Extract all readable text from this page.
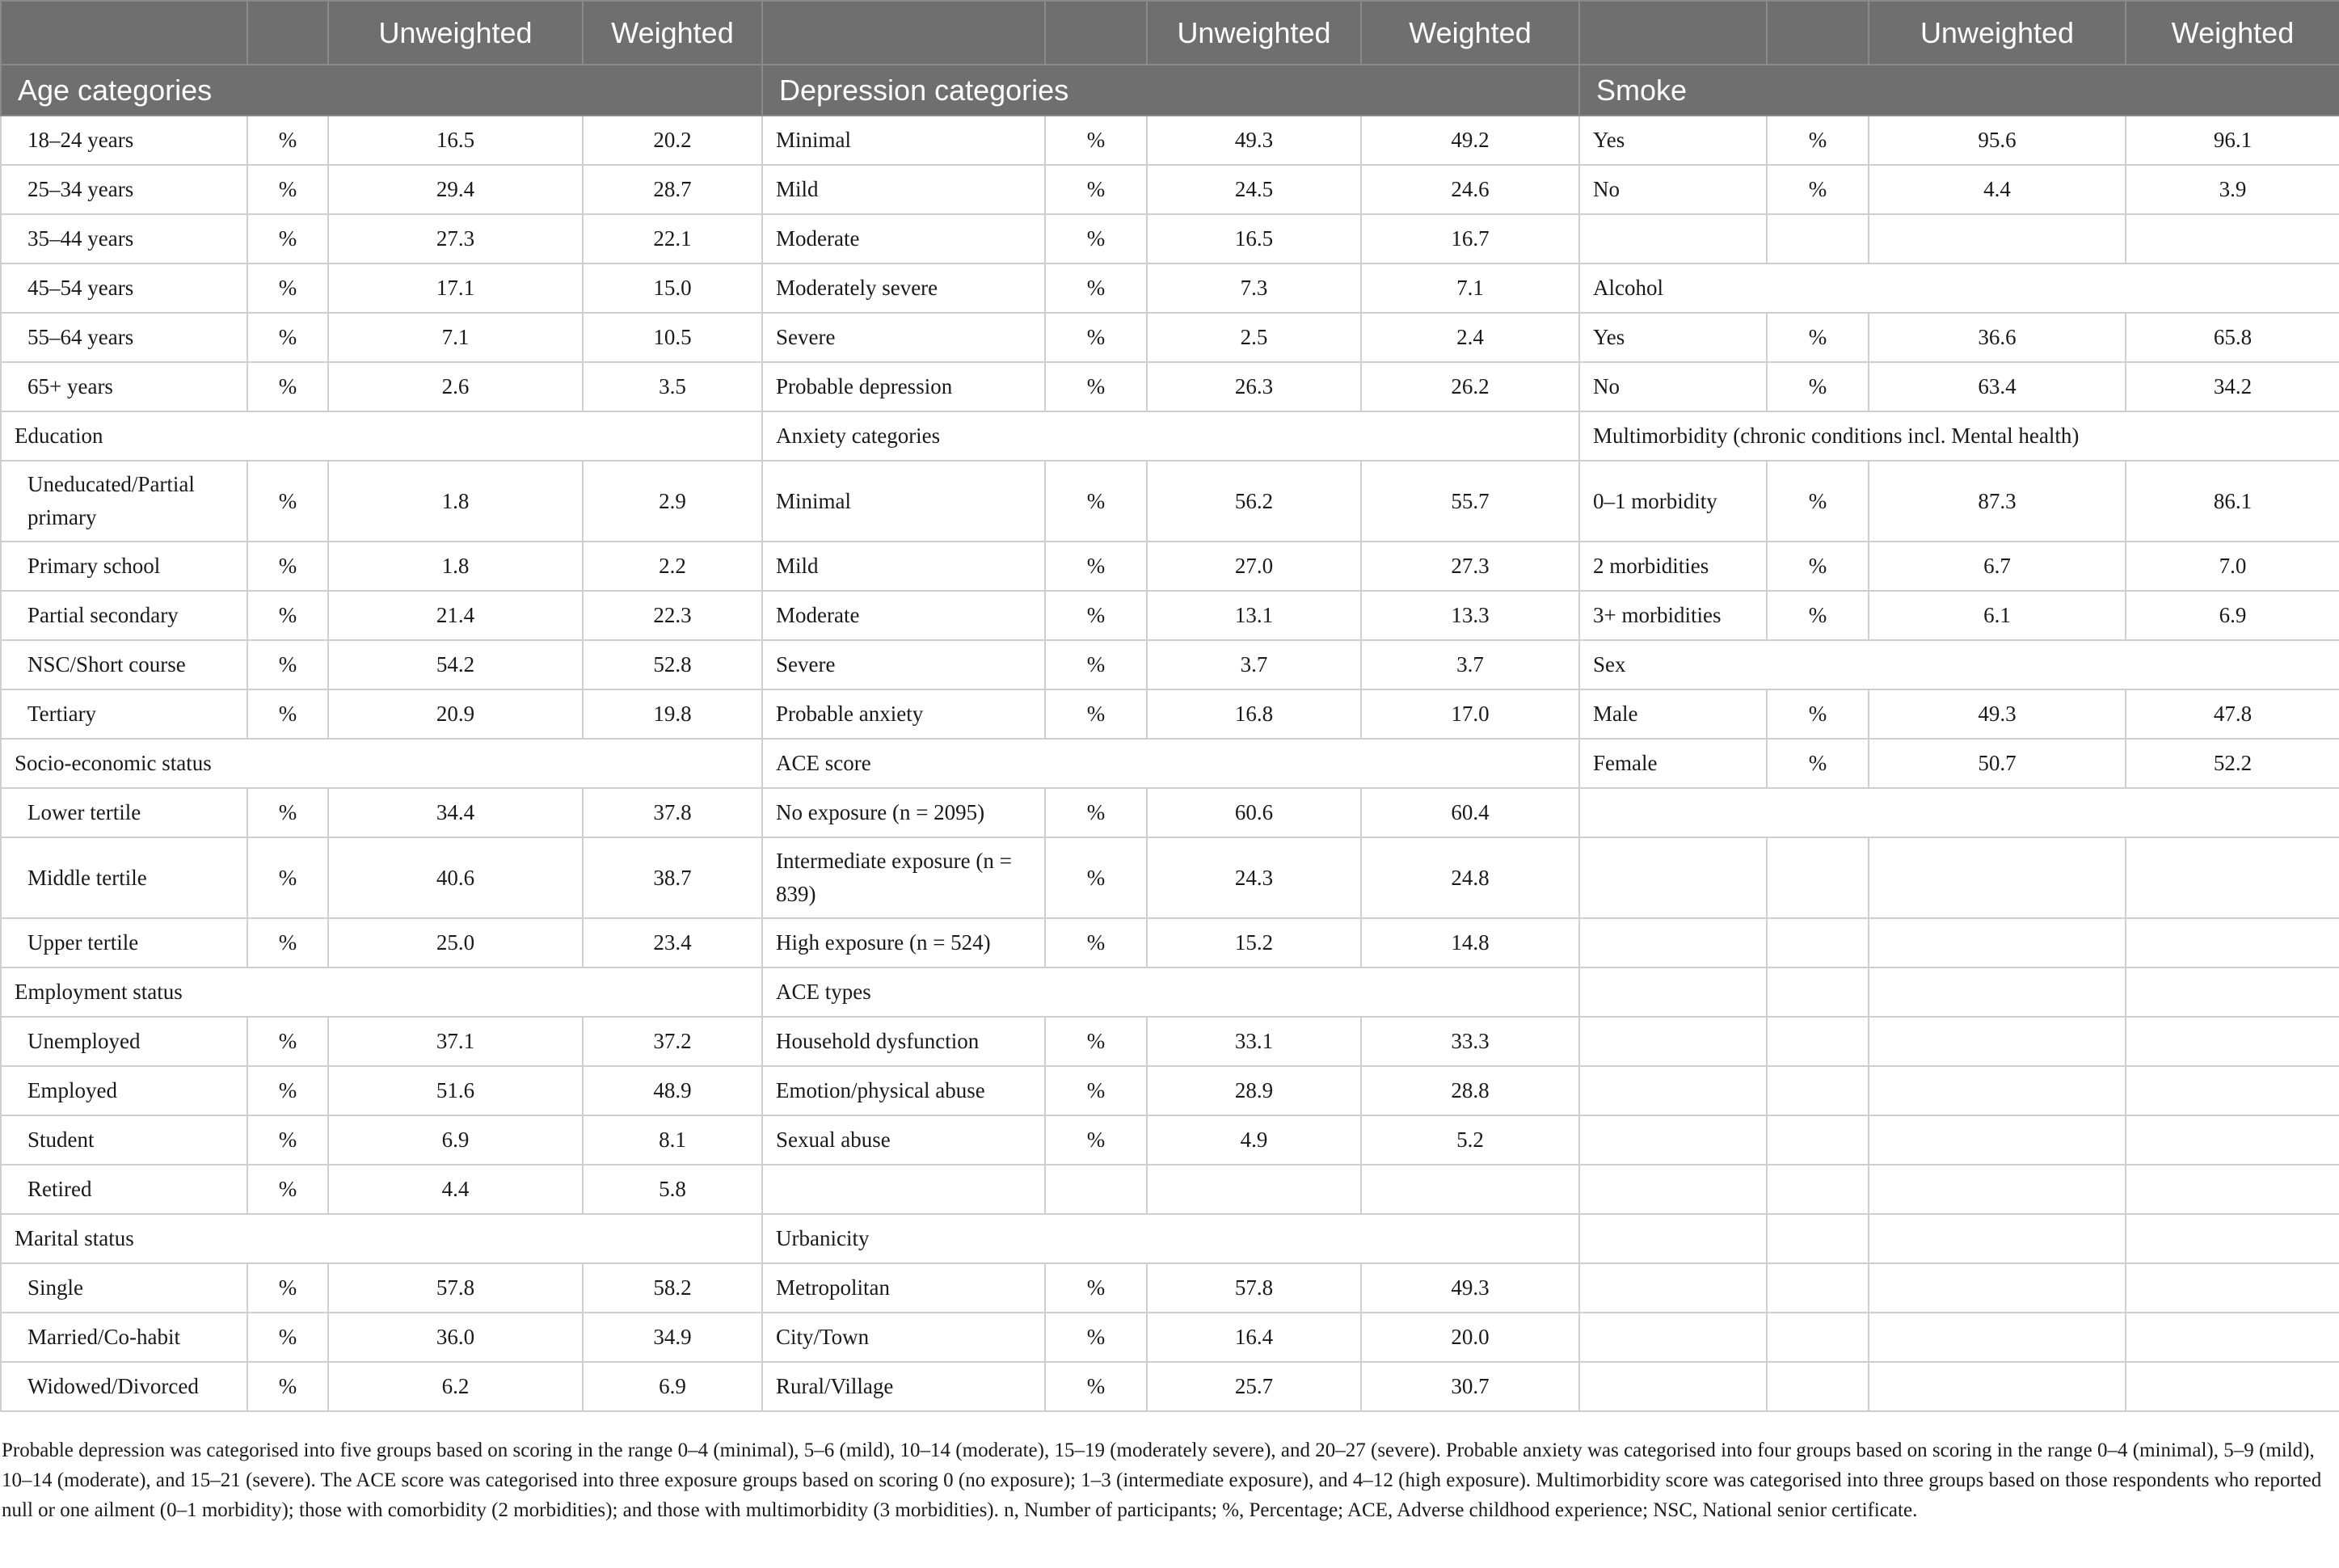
		Unweighted	Weighted			Unweighted	Weighted			Unweighted	Weighted
Age categories				Depression categories				Smoke			
18–24 years	%	16.5	20.2	Minimal	%	49.3	49.2	Yes	%	95.6	96.1
25–34 years	%	29.4	28.7	Mild	%	24.5	24.6	No	%	4.4	3.9
35–44 years	%	27.3	22.1	Moderate	%	16.5	16.7				
45–54 years	%	17.1	15.0	Moderately severe	%	7.3	7.1	Alcohol			
55–64 years	%	7.1	10.5	Severe	%	2.5	2.4	Yes	%	36.6	65.8
65+ years	%	2.6	3.5	Probable depression	%	26.3	26.2	No	%	63.4	34.2
Education				Anxiety categories				Multimorbidity (chronic conditions incl. Mental health)			
Uneducated/Partial primary	%	1.8	2.9	Minimal	%	56.2	55.7	0–1 morbidity	%	87.3	86.1
Primary school	%	1.8	2.2	Mild	%	27.0	27.3	2 morbidities	%	6.7	7.0
Partial secondary	%	21.4	22.3	Moderate	%	13.1	13.3	3+ morbidities	%	6.1	6.9
NSC/Short course	%	54.2	52.8	Severe	%	3.7	3.7	Sex			
Tertiary	%	20.9	19.8	Probable anxiety	%	16.8	17.0	Male	%	49.3	47.8
Socio-economic status				ACE score				Female	%	50.7	52.2
Lower tertile	%	34.4	37.8	No exposure (n = 2095)	%	60.6	60.4				
Middle tertile	%	40.6	38.7	Intermediate exposure (n = 839)	%	24.3	24.8				
Upper tertile	%	25.0	23.4	High exposure (n = 524)	%	15.2	14.8				
Employment status				ACE types							
Unemployed	%	37.1	37.2	Household dysfunction	%	33.1	33.3				
Employed	%	51.6	48.9	Emotion/physical abuse	%	28.9	28.8				
Student	%	6.9	8.1	Sexual abuse	%	4.9	5.2				
Retired	%	4.4	5.8								
Marital status				Urbanicity							
Single	%	57.8	58.2	Metropolitan	%	57.8	49.3				
Married/Co-habit	%	36.0	34.9	City/Town	%	16.4	20.0				
Widowed/Divorced	%	6.2	6.9	Rural/Village	%	25.7	30.7				
Probable depression was categorised into five groups based on scoring in the range 0–4 (minimal), 5–6 (mild), 10–14 (moderate), 15–19 (moderately severe), and 20–27 (severe). Probable anxiety was categorised into four groups based on scoring in the range 0–4 (minimal), 5–9 (mild), 10–14 (moderate), and 15–21 (severe). The ACE score was categorised into three exposure groups based on scoring 0 (no exposure); 1–3 (intermediate exposure), and 4–12 (high exposure). Multimorbidity score was categorised into three groups based on those respondents who reported null or one ailment (0–1 morbidity); those with comorbidity (2 morbidities); and those with multimorbidity (3 morbidities). n, Number of participants; %, Percentage; ACE, Adverse childhood experience; NSC, National senior certificate.
